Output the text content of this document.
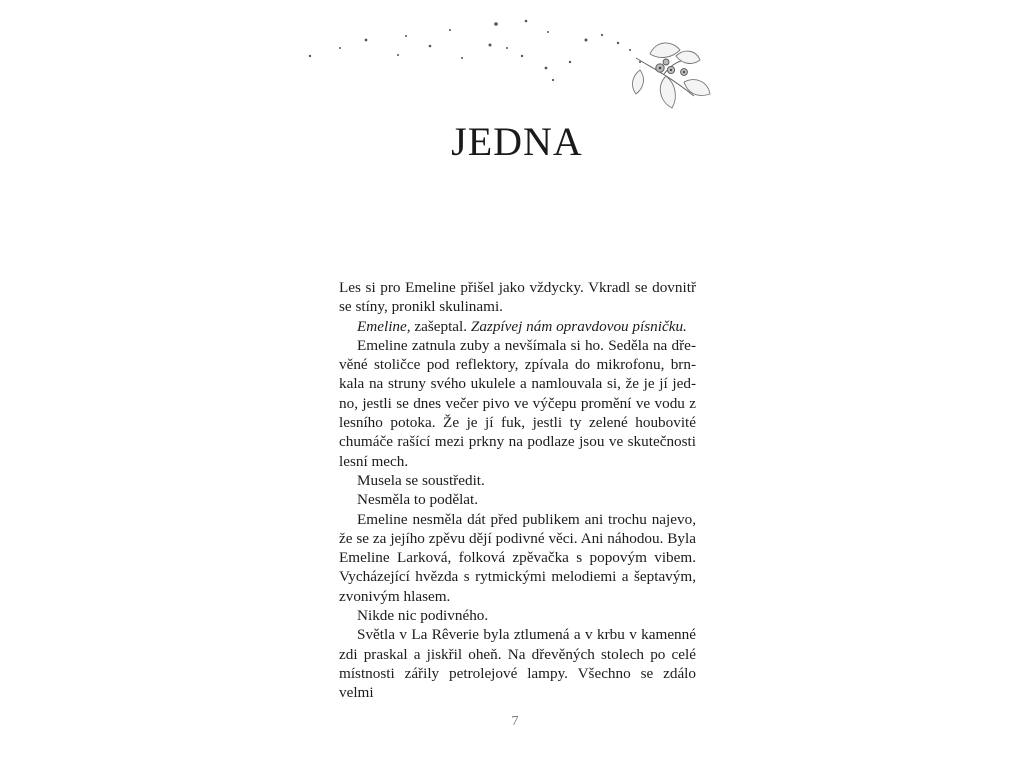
JEDNA

Les si pro Emeline přišel jako vždycky. Vkradl se dovnitř se stíny, pronikl skulinami.

Emeline, zašeptal. Zazpívej nám opravdovou písničku.

Emeline zatnula zuby a nevšímala si ho. Seděla na dřevěné stoličce pod reflektory, zpívala do mikrofonu, brnkala na struny svého ukulele a namlouvala si, že je jí jedno, jestli se dnes večer pivo ve výčepu promění ve vodu z lesního potoka. Že je jí fuk, jestli ty zelené houbovité chumáče rašící mezi prkny na podlaze jsou ve skutečnosti lesní mech.

Musela se soustředit.

Nesměla to podělat.

Emeline nesměla dát před publikem ani trochu najevo, že se za jejího zpěvu dějí podivné věci. Ani náhodou. Byla Emeline Larková, folková zpěvačka s popovým vibem. Vycházející hvězda s rytmickými melodiemi a šeptavým, zvonivým hlasem.

Nikde nic podivného.

Světla v La Rêverie byla ztlumená a v krbu v kamenné zdi praskal a jiskřil oheň. Na dřevěných stolech po celé místnosti zářily petrolejové lampy. Všechno se zdálo velmi

7
